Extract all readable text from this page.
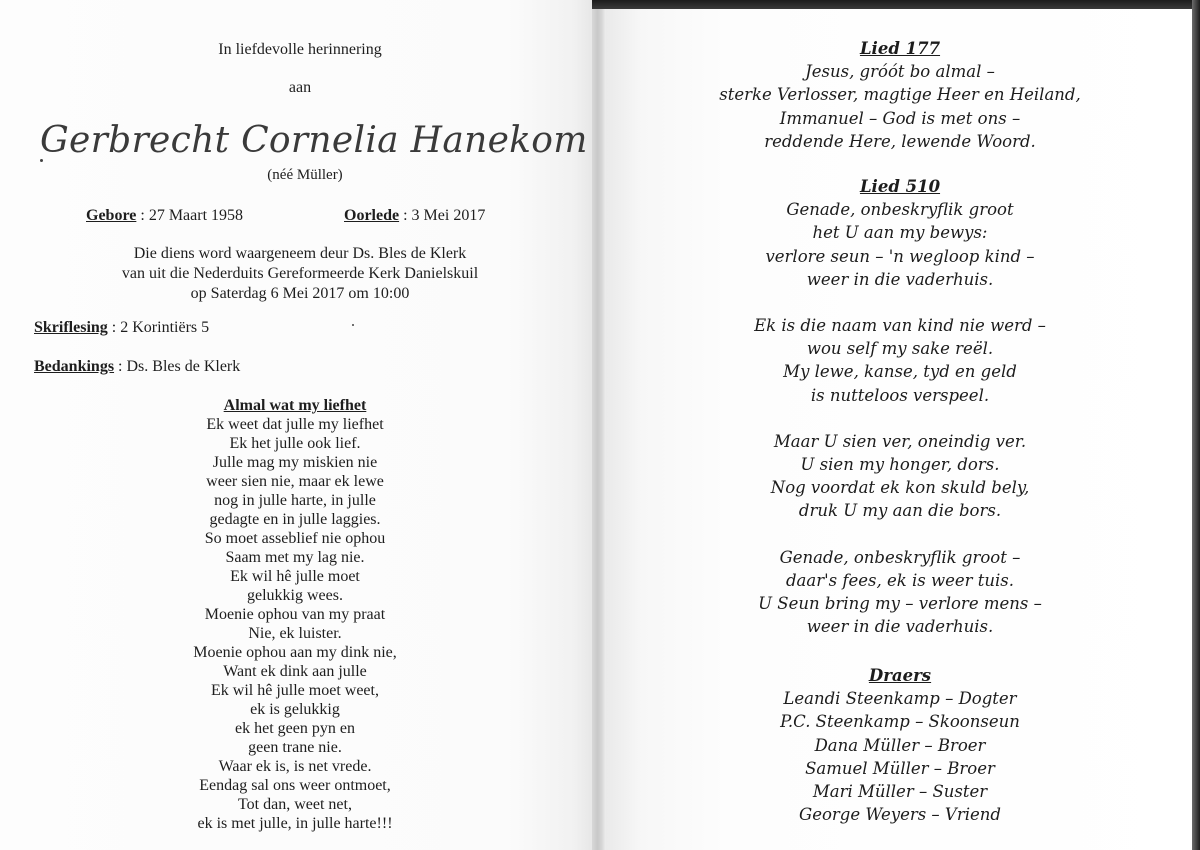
In liefdevolle herinnering
aan
Gerbrecht Cornelia Hanekom
(néé Müller)
Gebore : 27 Maart 1958	Oorlede : 3 Mei 2017
Die diens word waargeneem deur Ds. Bles de Klerk
van uit die Nederduits Gereformeerde Kerk Danielskuil
op Saterdag 6 Mei 2017 om 10:00
Skriflesing : 2 Korintiërs 5
Bedankings : Ds. Bles de Klerk
Almal wat my liefhet
Ek weet dat julle my liefhet
Ek het julle ook lief.
Julle mag my miskien nie
weer sien nie, maar ek lewe
nog in julle harte, in julle
gedagte en in julle laggies.
So moet asseblief nie ophou
Saam met my lag nie.
Ek wil hê julle moet
gelukkig wees.
Moenie ophou van my praat
Nie, ek luister.
Moenie ophou aan my dink nie,
Want ek dink aan julle
Ek wil hê julle moet weet,
ek is gelukkig
ek het geen pyn en
geen trane nie.
Waar ek is, is net vrede.
Eendag sal ons weer ontmoet,
Tot dan, weet net,
ek is met julle, in julle harte!!!
Lied 177
Jesus, gróót bo almal –
sterke Verlosser, magtige Heer en Heiland,
Immanuel – God is met ons –
reddende Here, lewende Woord.
Lied 510
Genade, onbeskryflik groot
het U aan my bewys:
verlore seun – 'n wegloop kind –
weer in die vaderhuis.
Ek is die naam van kind nie werd –
wou self my sake reël.
My lewe, kanse, tyd en geld
is nutteloos verspeel.
Maar U sien ver, oneindig ver.
U sien my honger, dors.
Nog voordat ek kon skuld bely,
druk U my aan die bors.
Genade, onbeskryflik groot –
daar's fees, ek is weer tuis.
U Seun bring my – verlore mens –
weer in die vaderhuis.
Draers
Leandi Steenkamp – Dogter
P.C. Steenkamp – Skoonseun
Dana Müller – Broer
Samuel Müller – Broer
Mari Müller – Suster
George Weyers – Vriend
